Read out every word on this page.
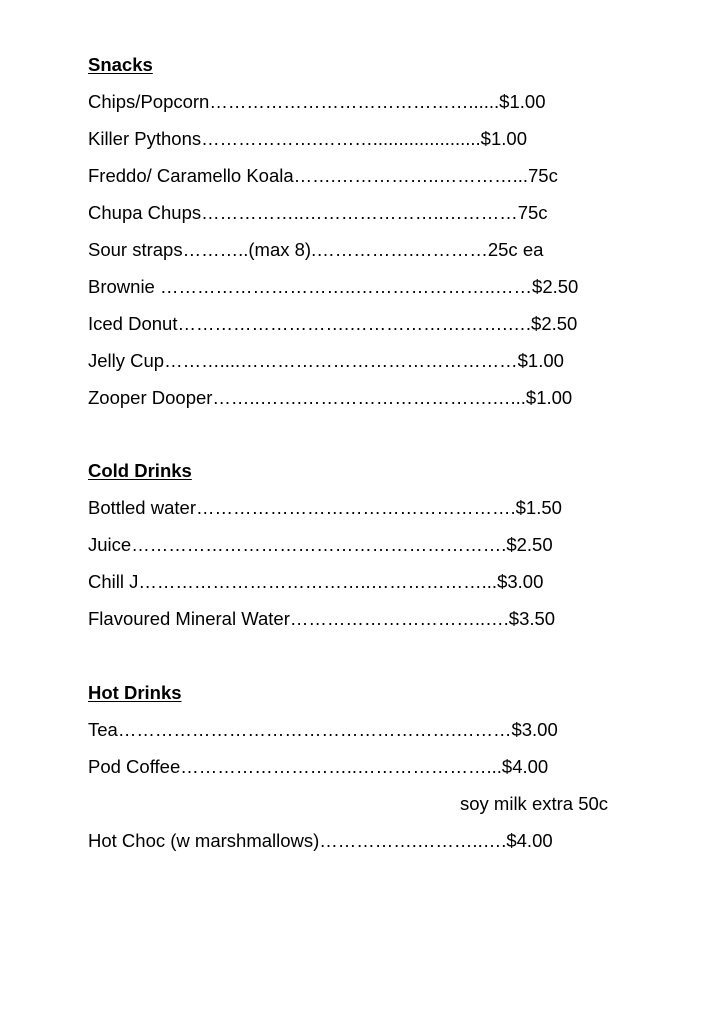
Snacks
Chips/Popcorn……………………………………......$1.00
Killer Pythons……………….……….....................$1.00
Freddo/ Caramello Koala…….……………..…………...75c
Chupa Chups……………..…………………..…………75c
Sour straps………..(max 8).…………….…………25c ea
Brownie …………………………..…………………..……$2.50
Iced Donut……………………….……………….…….….$2.50
Jelly Cup………....………………………………………$1.00
Zooper Dooper……..…….………………………….…...$1.00
Cold Drinks
Bottled water…………………………………………….$1.50
Juice…………………………………………………….$2.50
Chill J………………………………..………………...$3.00
Flavoured Mineral Water…………………………..….$3.50
Hot Drinks
Tea……………………………………………….………$3.00
Pod Coffee………………………..…………………...$4.00
soy milk extra 50c
Hot Choc (w marshmallows)…………….………..….$4.00
